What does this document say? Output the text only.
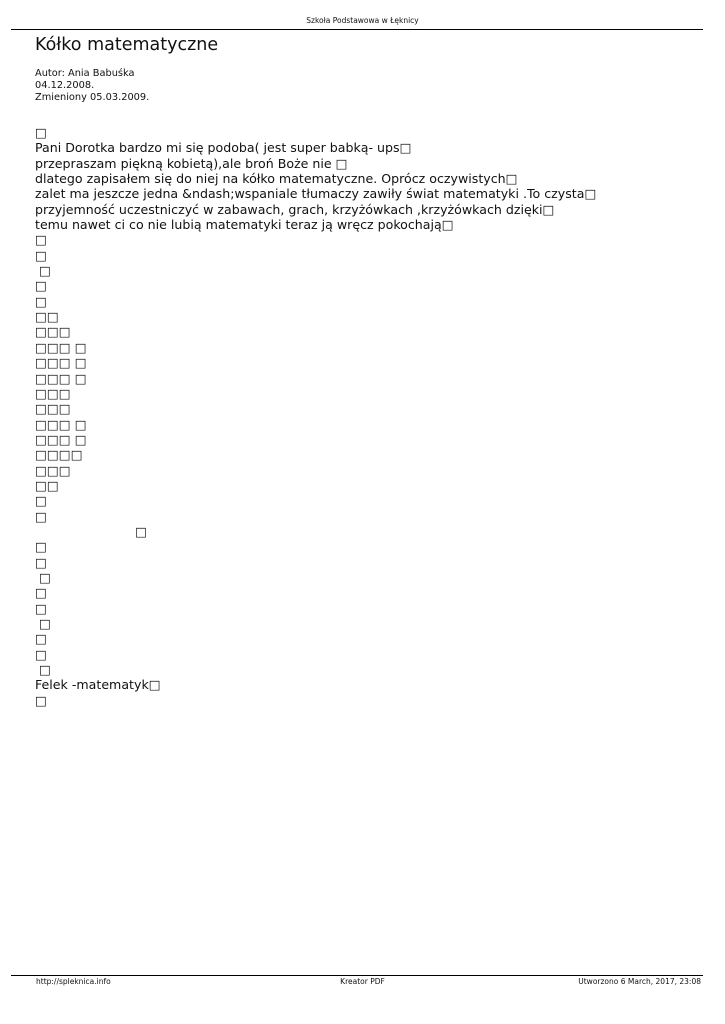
Szkoła Podstawowa w Łęknicy
Kółko matematyczne
Autor: Ania Babuśka
04.12.2008.
Zmieniony 05.03.2009.
□
Pani Dorotka bardzo mi się podoba( jest super babką- ups□
przepraszam piękną kobietą),ale broń Boże nie □
dlatego zapisałem się do niej na kółko matematyczne. Oprócz oczywistych□
zalet ma jeszcze jedna &ndash;wspaniale tłumaczy zawiły świat matematyki .To czysta□
przyjemność uczestniczyć w zabawach, grach, krzyżówkach ,krzyżówkach dzięki□
temu nawet ci co nie lubią matematyki teraz ją wręcz pokochają□
□
□
□
□
□
□□
□□□
□□□ □
□□□ □
□□□ □
□□□
□□□
□□□ □
□□□ □
□□□□
□□□
□□
□
□
□
□
□
□
□
□
□
□
□
□
Felek -matematyk□
□
http://spleknica.info	Kreator PDF	Utworzono 6 March, 2017, 23:08
